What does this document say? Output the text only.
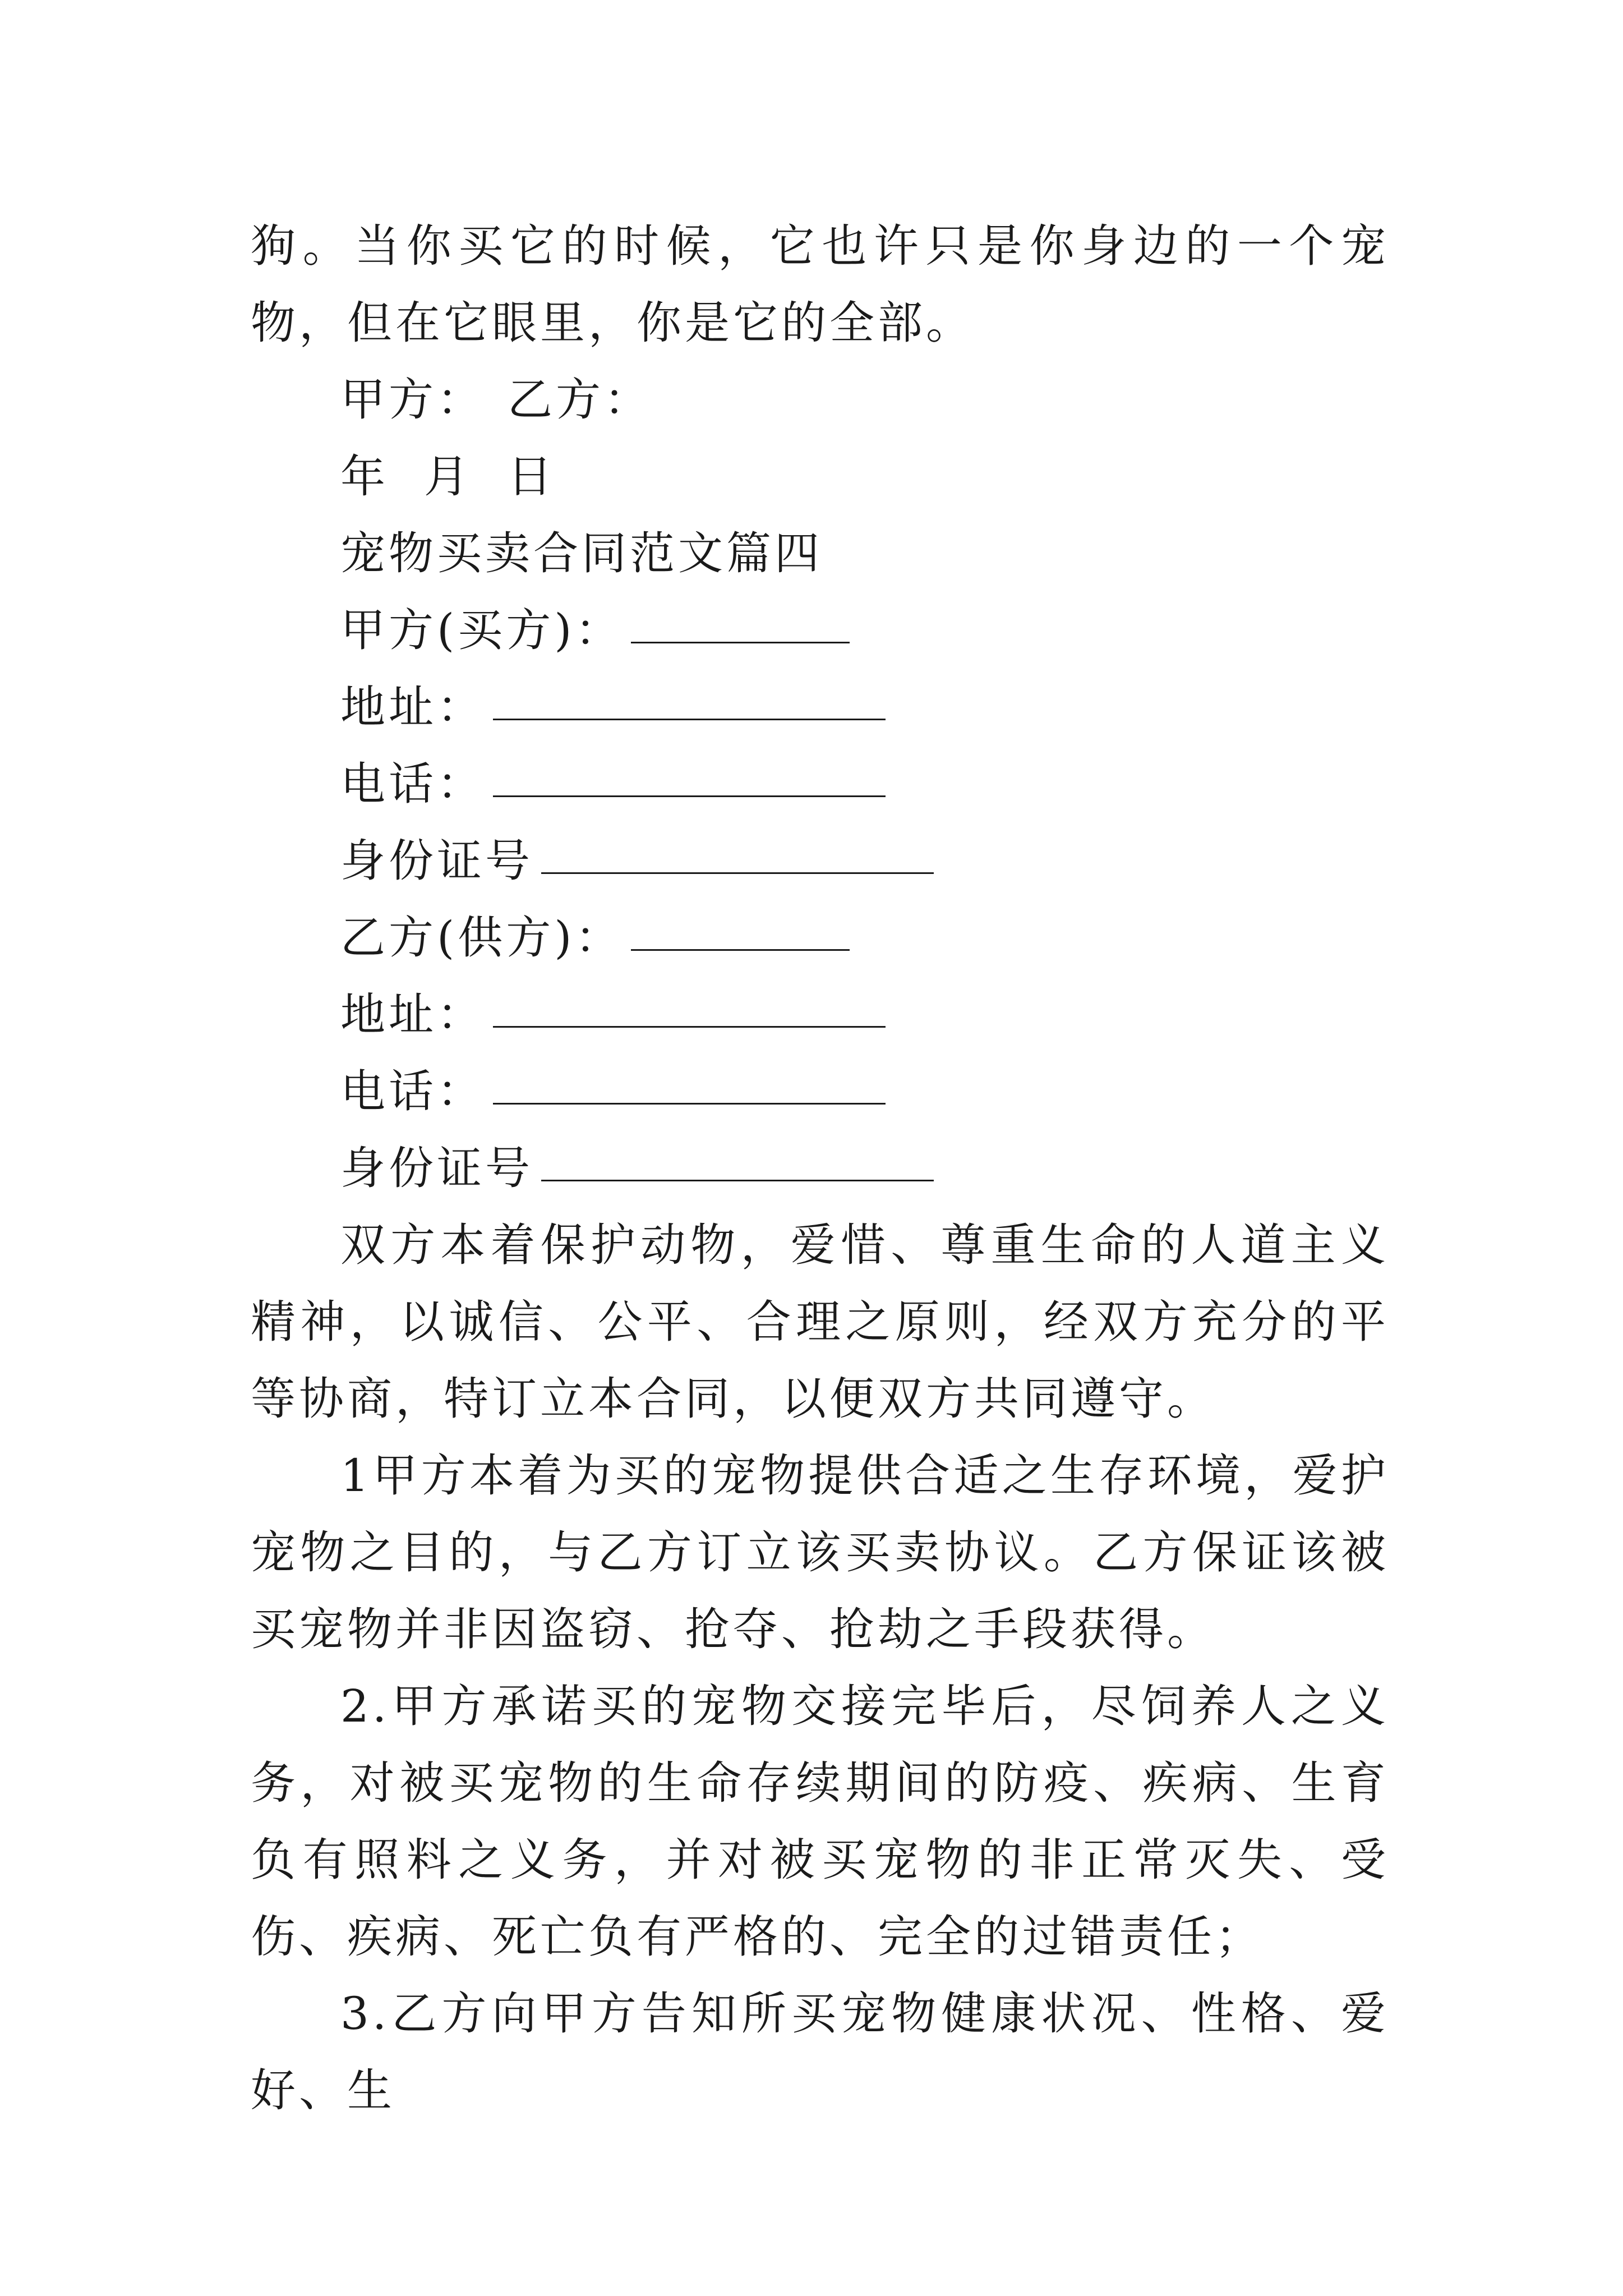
狗。当你买它的时候，它也许只是你身边的一个宠物，但在它眼里，你是它的全部。

甲方： 乙方：

年  月  日

宠物买卖合同范文篇四

甲方(买方)：

地址：

电话：

身份证号

乙方(供方)：

地址：

电话：

身份证号

双方本着保护动物，爱惜、尊重生命的人道主义精神，以诚信、公平、合理之原则，经双方充分的平等协商，特订立本合同，以便双方共同遵守。

1甲方本着为买的宠物提供合适之生存环境，爱护宠物之目的，与乙方订立该买卖协议。乙方保证该被买宠物并非因盗窃、抢夺、抢劫之手段获得。

2.甲方承诺买的宠物交接完毕后，尽饲养人之义务，对被买宠物的生命存续期间的防疫、疾病、生育负有照料之义务，并对被买宠物的非正常灭失、受伤、疾病、死亡负有严格的、完全的过错责任；

3.乙方向甲方告知所买宠物健康状况、性格、爱好、生
